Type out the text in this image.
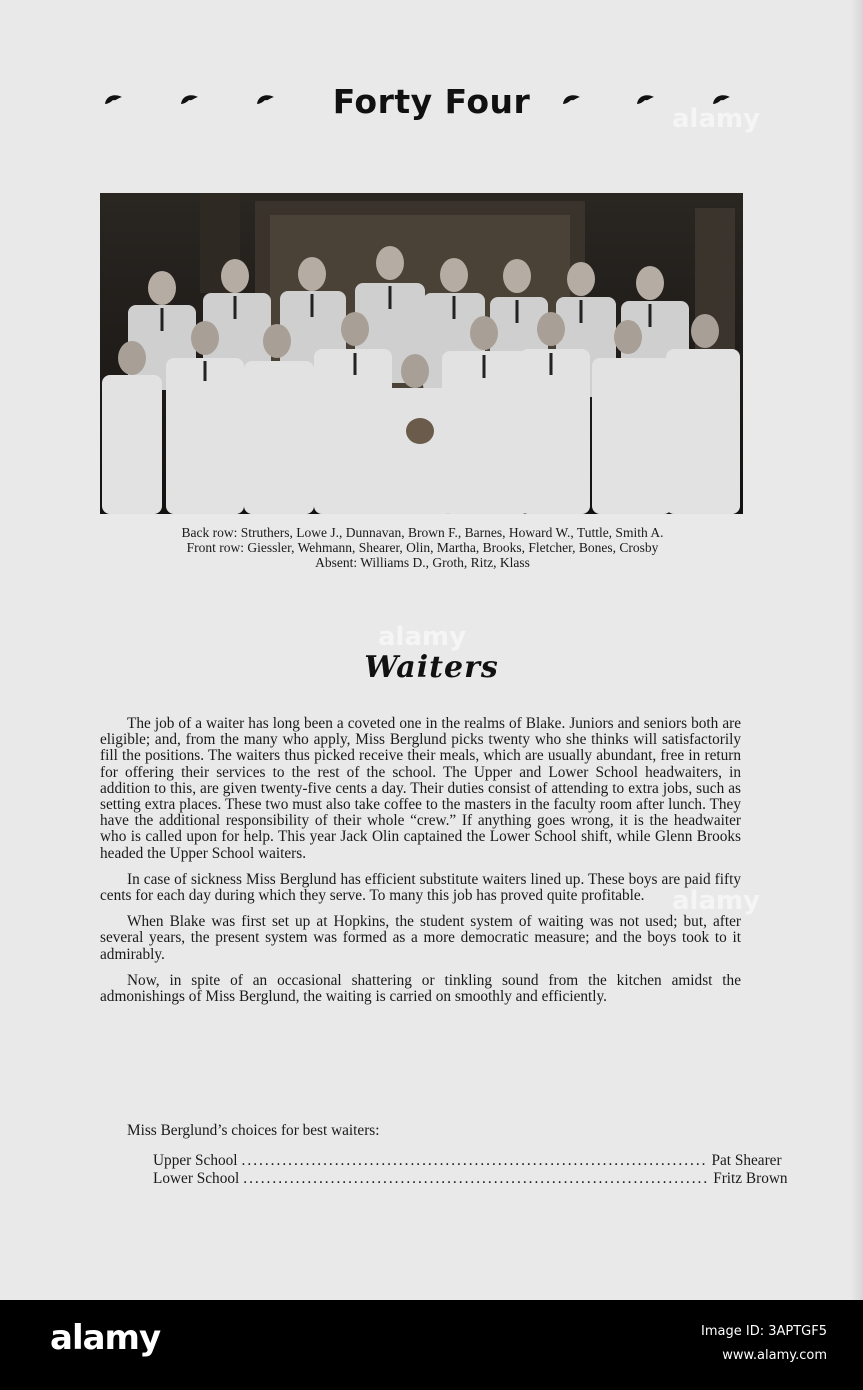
Forty Four
Back row: Struthers, Lowe J., Dunnavan, Brown F., Barnes, Howard W., Tuttle, Smith A.
Front row: Giessler, Wehmann, Shearer, Olin, Martha, Brooks, Fletcher, Bones, Crosby
Absent: Williams D., Groth, Ritz, Klass
Waiters

The job of a waiter has long been a coveted one in the realms of Blake. Juniors and seniors both are eligible; and, from the many who apply, Miss Berglund picks twenty who she thinks will satisfactorily fill the positions. The waiters thus picked receive their meals, which are usually abundant, free in return for offering their services to the rest of the school. The Upper and Lower School headwaiters, in addition to this, are given twenty-five cents a day. Their duties consist of attending to extra jobs, such as setting extra places. These two must also take coffee to the masters in the faculty room after lunch. They have the additional responsibility of their whole “crew.” If anything goes wrong, it is the headwaiter who is called upon for help. This year Jack Olin captained the Lower School shift, while Glenn Brooks headed the Upper School waiters.

In case of sickness Miss Berglund has efficient substitute waiters lined up. These boys are paid fifty cents for each day during which they serve. To many this job has proved quite profitable.

When Blake was first set up at Hopkins, the student system of waiting was not used; but, after several years, the present system was formed as a more democratic measure; and the boys took to it admirably.

Now, in spite of an occasional shattering or tinkling sound from the kitchen amidst the admonishings of Miss Berglund, the waiting is carried on smoothly and efficiently.

Miss Berglund’s choices for best waiters:
Upper School ................................................................................ Pat Shearer
Lower School ................................................................................ Fritz Brown
alamy
alamy
alamy
alamy	Image ID: 3APTGF5
www.alamy.com
